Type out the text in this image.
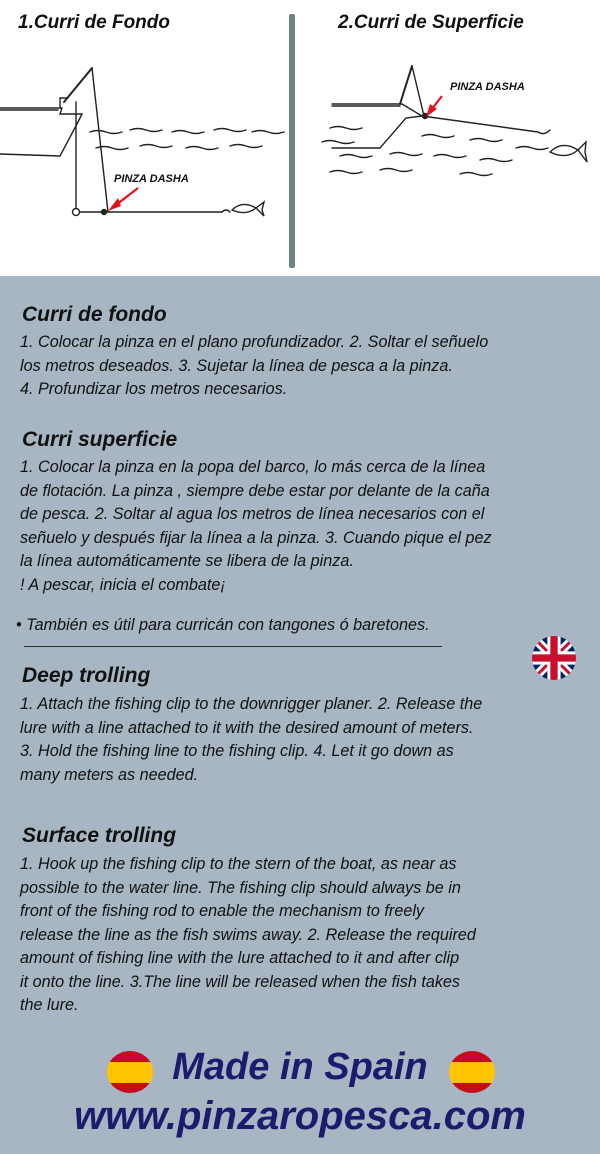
1.Curri de Fondo	2.Curri de Superficie
PINZA DASHA
PINZA DASHA
Curri de fondo
1. Colocar la pinza en el plano profundizador. 2. Soltar el señuelo
los metros deseados. 3. Sujetar la línea de pesca a la pinza.
4. Profundizar los metros necesarios.
Curri superficie
1. Colocar la pinza en la popa del barco, lo más cerca de la línea
de flotación. La pinza , siempre debe estar por delante de la caña
de pesca. 2. Soltar al agua los metros de línea necesarios con el
señuelo y después fijar la línea a la pinza. 3. Cuando pique el pez
la línea automáticamente se libera de la pinza.
! A pescar, inicia el combate¡
• También es útil para curricán con tangones ó baretones.
Deep trolling
1. Attach the fishing clip to the downrigger planer. 2. Release the
lure with a line attached to it with the desired amount of meters.
3. Hold the fishing line to the fishing clip. 4. Let it go down as
many meters as needed.
Surface trolling
1. Hook up the fishing clip to the stern of the boat, as near as
possible to the water line. The fishing clip should always be in
front of the fishing rod to enable the mechanism to freely
release the line as the fish swims away. 2. Release the required
amount of fishing line with the lure attached to it and after clip
it onto the line. 3.The line will be released when the fish takes
the lure.
Made in Spain
www.pinzaropesca.com
